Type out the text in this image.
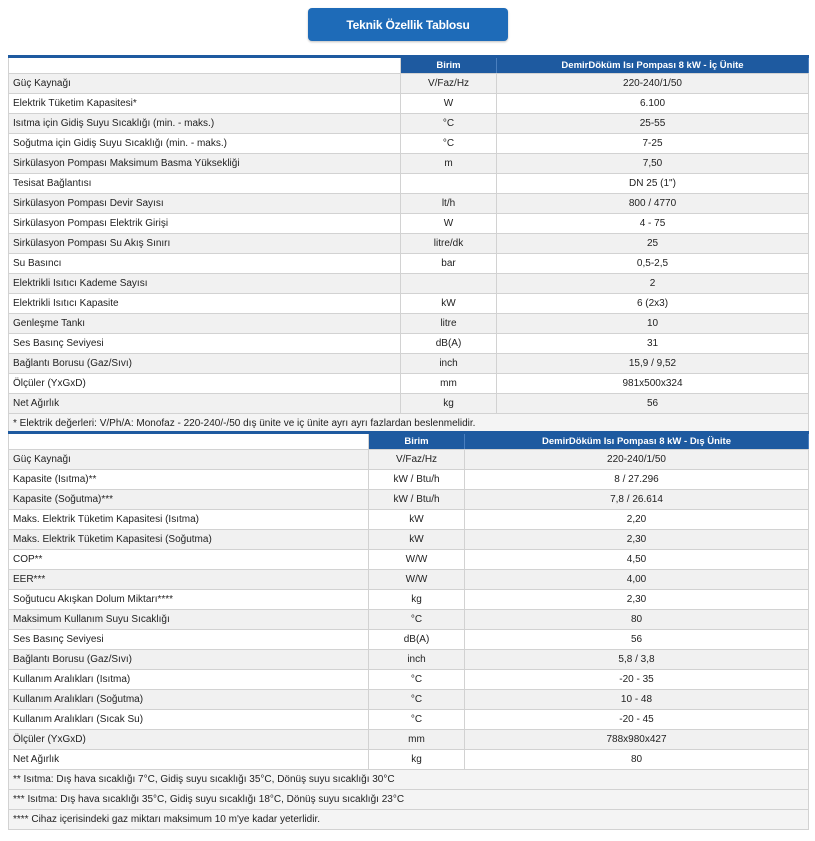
Teknik Özellik Tablosu
	Birim	DemirDöküm Isı Pompası 8 kW - İç Ünite
Güç Kaynağı	V/Faz/Hz	220-240/1/50
Elektrik Tüketim Kapasitesi*	W	6.100
Isıtma için Gidiş Suyu Sıcaklığı (min. - maks.)	°C	25-55
Soğutma için Gidiş Suyu Sıcaklığı (min. - maks.)	°C	7-25
Sirkülasyon Pompası Maksimum Basma Yüksekliği	m	7,50
Tesisat Bağlantısı		DN 25 (1")
Sirkülasyon Pompası Devir Sayısı	lt/h	800 / 4770
Sirkülasyon Pompası Elektrik Girişi	W	4 - 75
Sirkülasyon Pompası Su Akış Sınırı	litre/dk	25
Su Basıncı	bar	0,5-2,5
Elektrikli Isıtıcı Kademe Sayısı		2
Elektrikli Isıtıcı Kapasite	kW	6 (2x3)
Genleşme Tankı	litre	10
Ses Basınç Seviyesi	dB(A)	31
Bağlantı Borusu (Gaz/Sıvı)	inch	15,9 / 9,52
Ölçüler (YxGxD)	mm	981x500x324
Net Ağırlık	kg	56
* Elektrik değerleri: V/Ph/A: Monofaz - 220-240/-/50 dış ünite ve iç ünite ayrı ayrı fazlardan beslenmelidir.		
	Birim	DemirDöküm Isı Pompası 8 kW - Dış Ünite
Güç Kaynağı	V/Faz/Hz	220-240/1/50
Kapasite (Isıtma)**	kW / Btu/h	8 / 27.296
Kapasite (Soğutma)***	kW / Btu/h	7,8 / 26.614
Maks. Elektrik Tüketim Kapasitesi (Isıtma)	kW	2,20
Maks. Elektrik Tüketim Kapasitesi (Soğutma)	kW	2,30
COP**	W/W	4,50
EER***	W/W	4,00
Soğutucu Akışkan Dolum Miktarı****	kg	2,30
Maksimum Kullanım Suyu Sıcaklığı	°C	80
Ses Basınç Seviyesi	dB(A)	56
Bağlantı Borusu (Gaz/Sıvı)	inch	5,8 / 3,8
Kullanım Aralıkları (Isıtma)	°C	-20 - 35
Kullanım Aralıkları (Soğutma)	°C	10 - 48
Kullanım Aralıkları (Sıcak Su)	°C	-20 - 45
Ölçüler (YxGxD)	mm	788x980x427
Net Ağırlık	kg	80
** Isıtma: Dış hava sıcaklığı 7°C, Gidiş suyu sıcaklığı 35°C, Dönüş suyu sıcaklığı 30°C		
*** Isıtma: Dış hava sıcaklığı 35°C, Gidiş suyu sıcaklığı 18°C, Dönüş suyu sıcaklığı 23°C		
**** Cihaz içerisindeki gaz miktarı maksimum 10 m'ye kadar yeterlidir.		
